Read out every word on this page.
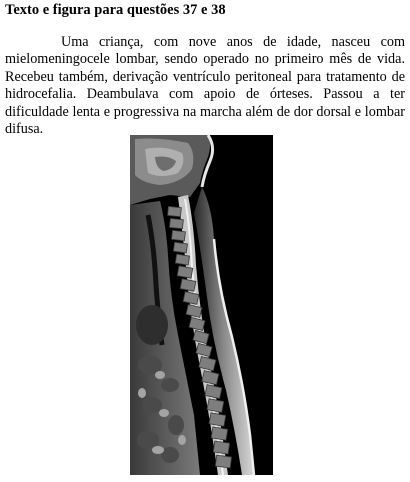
Texto e figura para questões 37 e 38

Uma criança, com nove anos de idade, nasceu com mielomeningocele lombar, sendo operado no primeiro mês de vida. Recebeu também, derivação ventrículo peritoneal para tratamento de hidrocefalia. Deambulava com apoio de órteses. Passou a ter dificuldade lenta e progressiva na marcha além de dor dorsal e lombar difusa.
